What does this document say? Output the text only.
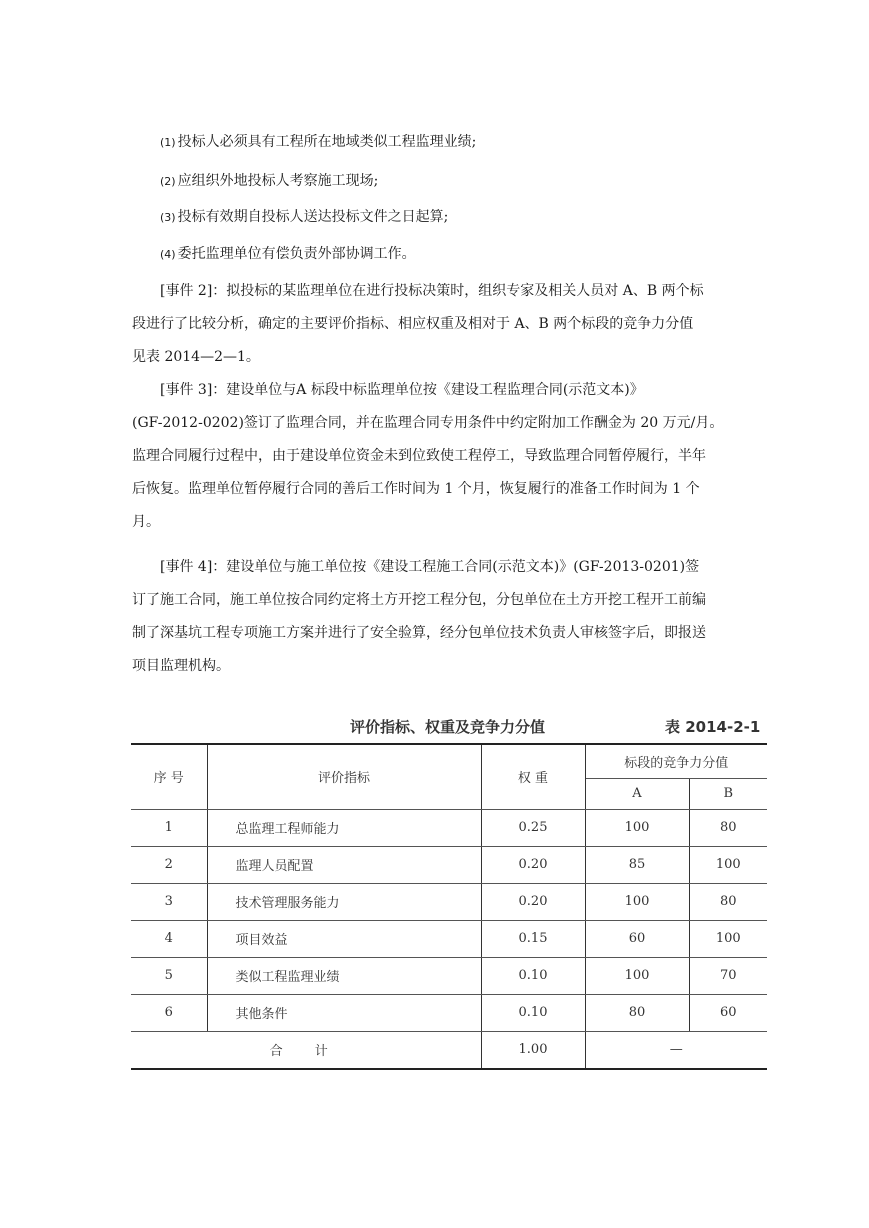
(1) 投标人必须具有工程所在地域类似工程监理业绩;
(2) 应组织外地投标人考察施工现场;
(3) 投标有效期自投标人送达投标文件之日起算;
(4) 委托监理单位有偿负责外部协调工作。
[事件 2]：拟投标的某监理单位在进行投标决策时，组织专家及相关人员对 A、B 两个标
段进行了比较分析，确定的主要评价指标、相应权重及相对于 A、B 两个标段的竞争力分值
见表 2014—2—1。
[事件 3]：建设单位与A 标段中标监理单位按《建设工程监理合同(示范文本)》
(GF-2012-0202)签订了监理合同，并在监理合同专用条件中约定附加工作酬金为 20 万元/月。
监理合同履行过程中，由于建设单位资金未到位致使工程停工，导致监理合同暂停履行，半年
后恢复。监理单位暂停履行合同的善后工作时间为 1 个月，恢复履行的准备工作时间为 1 个
月。
[事件 4]：建设单位与施工单位按《建设工程施工合同(示范文本)》(GF-2013-0201)签
订了施工合同，施工单位按合同约定将土方开挖工程分包，分包单位在土方开挖工程开工前编
制了深基坑工程专项施工方案并进行了安全验算，经分包单位技术负责人审核签字后，即报送
项目监理机构。
评价指标、权重及竞争力分值	表 2014-2-1
序 号	评价指标	权 重	标段的竞争力分值	
			A	B
1	总监理工程师能力	0.25	100	80
2	监理人员配置	0.20	85	100
3	技术管理服务能力	0.20	100	80
4	项目效益	0.15	60	100
5	类似工程监理业绩	0.10	100	70
6	其他条件	0.10	80	60
合 计		1.00	—	
